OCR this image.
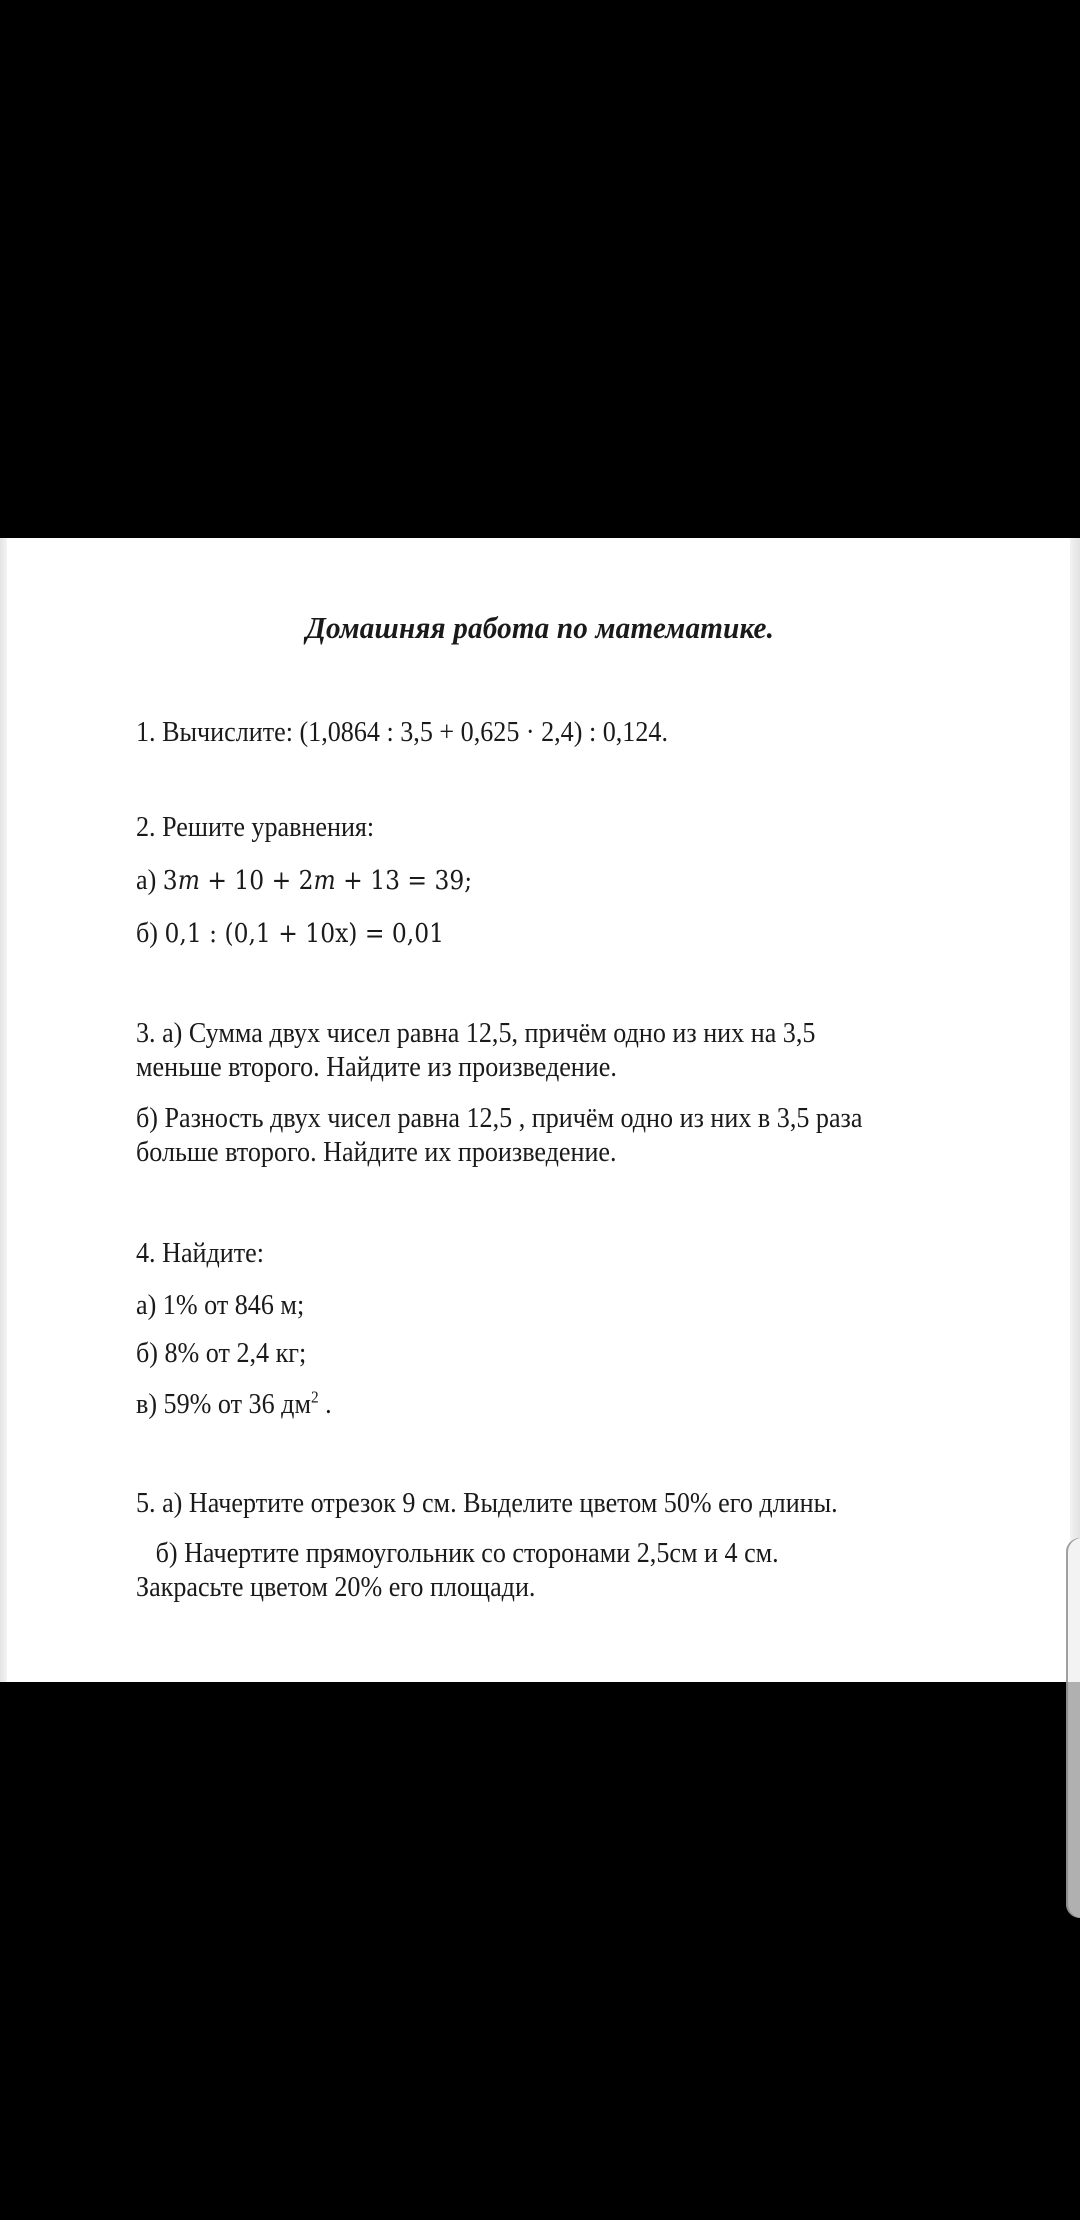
Домашняя работа по математике.
1. Вычислите: (1,0864 : 3,5 + 0,625 · 2,4) : 0,124.
2. Решите уравнения:
а) 3m + 10 + 2m + 13 = 39;
б) 0,1 : (0,1 + 10x) = 0,01
3. а) Сумма двух чисел равна 12,5, причём одно из них на 3,5
меньше второго. Найдите из произведение.
б) Разность двух чисел равна 12,5 , причём одно из них в 3,5 раза
больше второго. Найдите их произведение.
4. Найдите:
а) 1% от 846 м;
б) 8% от 2,4 кг;
в) 59% от 36 $дм^2$ .
5. а) Начертите отрезок 9 см. Выделите цветом 50% его длины.
б) Начертите прямоугольник со сторонами 2,5см и 4 см.
Закрасьте цветом 20% его площади.
